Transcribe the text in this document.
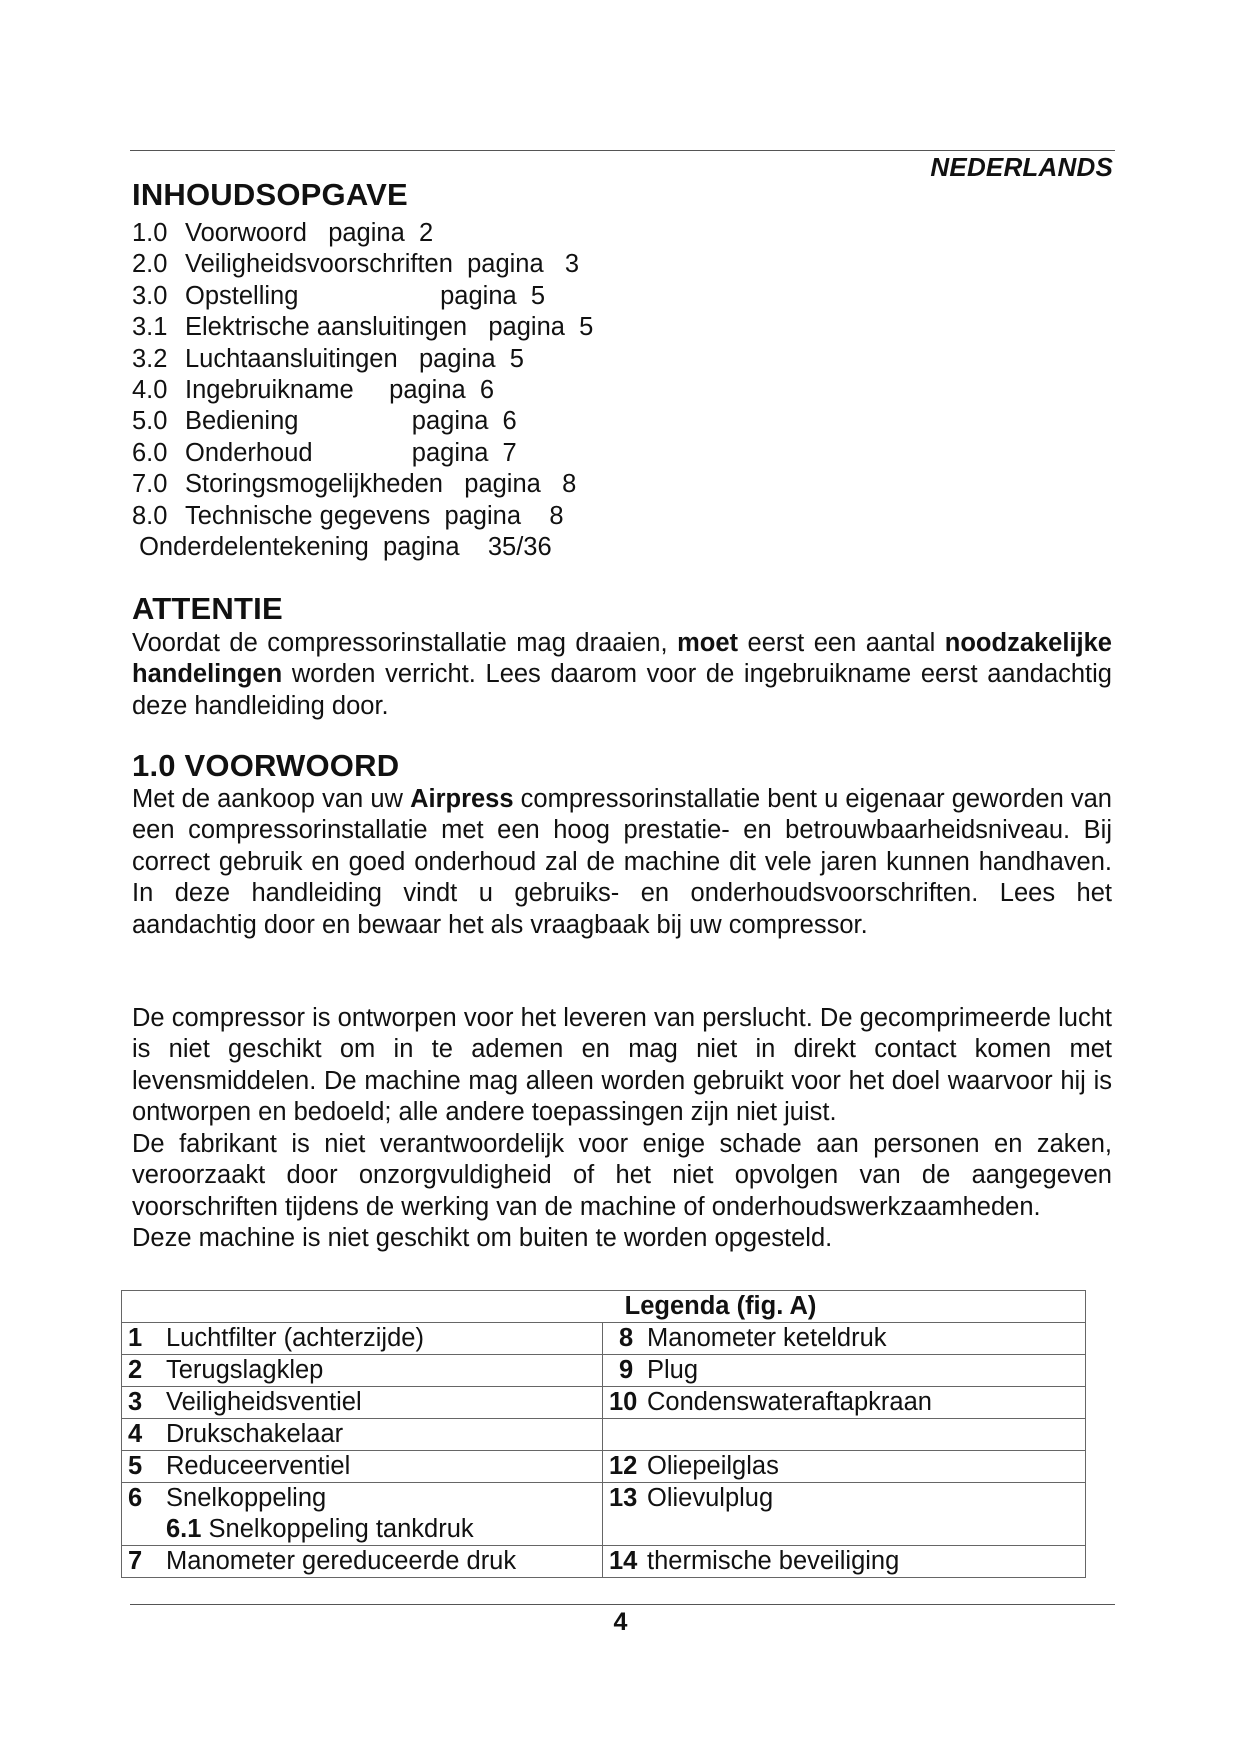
NEDERLANDS
INHOUDSOPGAVE
1.0 Voorwoord pagina 2
2.0 Veiligheidsvoorschriften pagina 3
3.0 Opstelling	pagina 5
3.1 Elektrische aansluitingen pagina 5
3.2 Luchtaansluitingen pagina 5
4.0 Ingebruikname pagina 6
5.0 Bediening	pagina 6
6.0 Onderhoud	pagina 7
7.0 Storingsmogelijkheden pagina 8
8.0 Technische gegevens pagina 8
Onderdelentekening pagina 35/36
ATTENTIE

Voordat de compressorinstallatie mag draaien, moet eerst een aantal noodzakelijke handelingen worden verricht. Lees daarom voor de ingebruikname eerst aandachtig deze handleiding door.

1.0 VOORWOORD

Met de aankoop van uw Airpress compressorinstallatie bent u eigenaar geworden van een compressorinstallatie met een hoog prestatie- en betrouwbaarheidsniveau. Bij correct gebruik en goed onderhoud zal de machine dit vele jaren kunnen handhaven. In deze handleiding vindt u gebruiks- en onderhoudsvoorschriften. Lees het aandachtig door en bewaar het als vraagbaak bij uw compressor.

De compressor is ontworpen voor het leveren van perslucht. De gecomprimeerde lucht is niet geschikt om in te ademen en mag niet in direkt contact komen met levensmiddelen. De machine mag alleen worden gebruikt voor het doel waarvoor hij is ontworpen en bedoeld; alle andere toepassingen zijn niet juist.

De fabrikant is niet verantwoordelijk voor enige schade aan personen en zaken, veroorzaakt door onzorgvuldigheid of het niet opvolgen van de aangegeven voorschriften tijdens de werking van de machine of onderhoudswerkzaamheden.

Deze machine is niet geschikt om buiten te worden opgesteld.

Legenda (fig. A)	
1 Luchtfilter (achterzijde)	8 Manometer keteldruk
2 Terugslagklep	9 Plug
3 Veiligheidsventiel	10 Condenswateraftapkraan
4 Drukschakelaar	
5 Reduceerventiel	12 Oliepeilglas
6 Snelkoppeling
6.1 Snelkoppeling tankdruk	13 Olievulplug
7 Manometer gereduceerde druk	14 thermische beveiliging
4
